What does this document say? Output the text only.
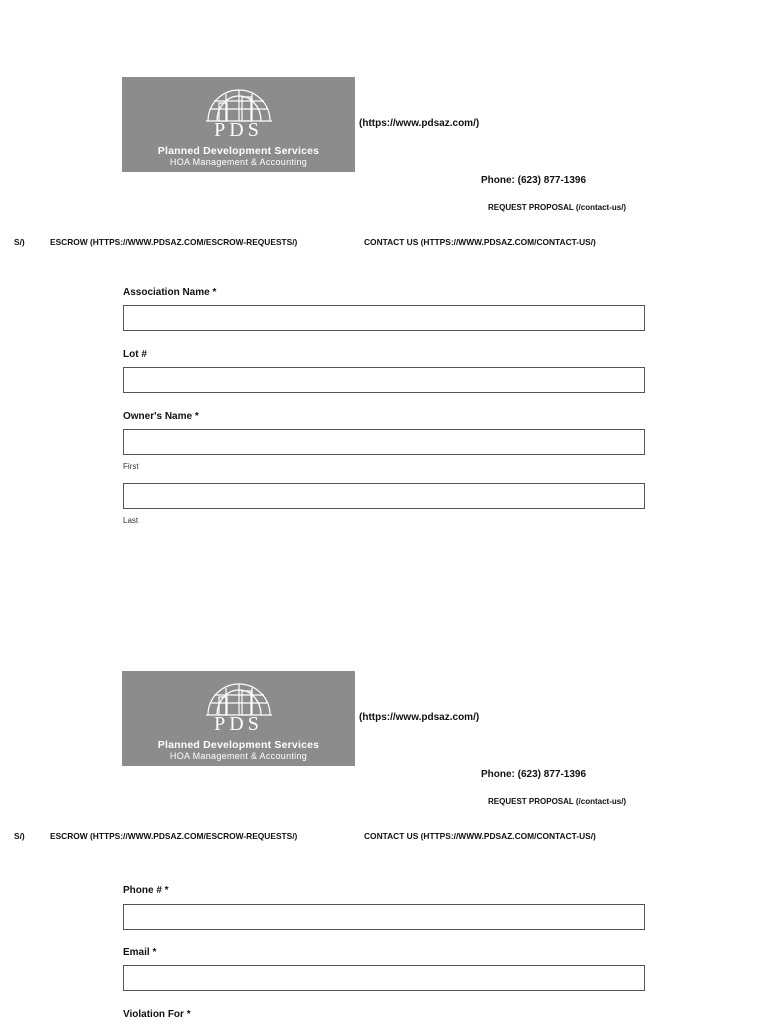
PDS
Planned Development Services
HOA Management & Accounting
(https://www.pdsaz.com/)
Phone: (623) 877-1396
REQUEST PROPOSAL (/contact-us/)
S/)	ESCROW (HTTPS://WWW.PDSAZ.COM/ESCROW-REQUESTS/)	CONTACT US (HTTPS://WWW.PDSAZ.COM/CONTACT-US/)
Association Name *
Lot #
Owner's Name *
First
Last
PDS
Planned Development Services
HOA Management & Accounting
(https://www.pdsaz.com/)
Phone: (623) 877-1396
REQUEST PROPOSAL (/contact-us/)
S/)	ESCROW (HTTPS://WWW.PDSAZ.COM/ESCROW-REQUESTS/)	CONTACT US (HTTPS://WWW.PDSAZ.COM/CONTACT-US/)
Phone # *
Email *
Violation For *
